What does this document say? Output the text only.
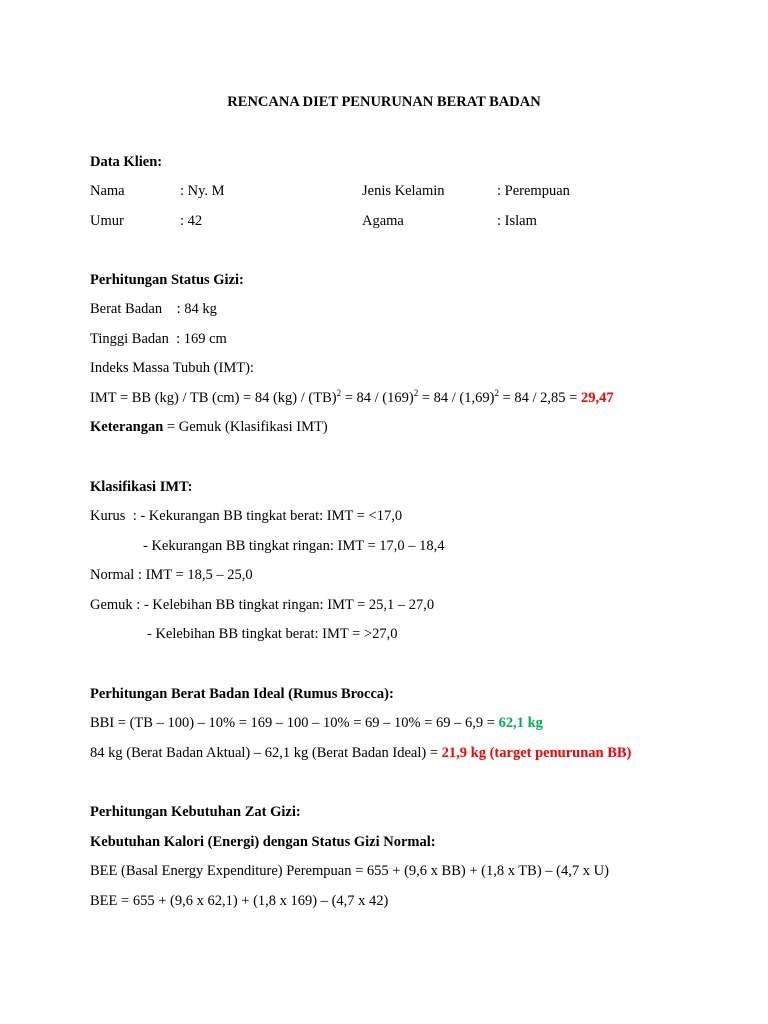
RENCANA DIET PENURUNAN BERAT BADAN
Data Klien:
Nama	: Ny. M	Jenis Kelamin	: Perempuan
Umur	: 42	Agama	: Islam
Perhitungan Status Gizi:
Berat Badan    : 84 kg
Tinggi Badan  : 169 cm
Indeks Massa Tubuh (IMT):
IMT = BB (kg) / TB (cm) = 84 $(kg) / (TB)^2 = 84 / (169)^2 = 84 / (1,69)^2 = 84 / 2,85 = 29,47$
Keterangan = Gemuk (Klasifikasi IMT)
Klasifikasi IMT:
Kurus  : - Kekurangan BB tingkat berat: IMT = <17,0
- Kekurangan BB tingkat ringan: IMT = 17,0 – 18,4
Normal : IMT = 18,5 – 25,0
Gemuk : - Kelebihan BB tingkat ringan: IMT = 25,1 – 27,0
- Kelebihan BB tingkat berat: IMT = >27,0
Perhitungan Berat Badan Ideal (Rumus Brocca):
BBI = (TB – 100) – 10% = 169 – 100 – 10% = 69 – 10% = 69 – 6,9 = 62,1 kg
84 kg (Berat Badan Aktual) – 62,1 kg (Berat Badan Ideal) = 21,9 kg (target penurunan BB)
Perhitungan Kebutuhan Zat Gizi:
Kebutuhan Kalori (Energi) dengan Status Gizi Normal:
BEE (Basal Energy Expenditure) Perempuan = 655 + (9,6 x BB) + (1,8 x TB) – (4,7 x U)
BEE = 655 + (9,6 x 62,1) + (1,8 x 169) – (4,7 x 42)
